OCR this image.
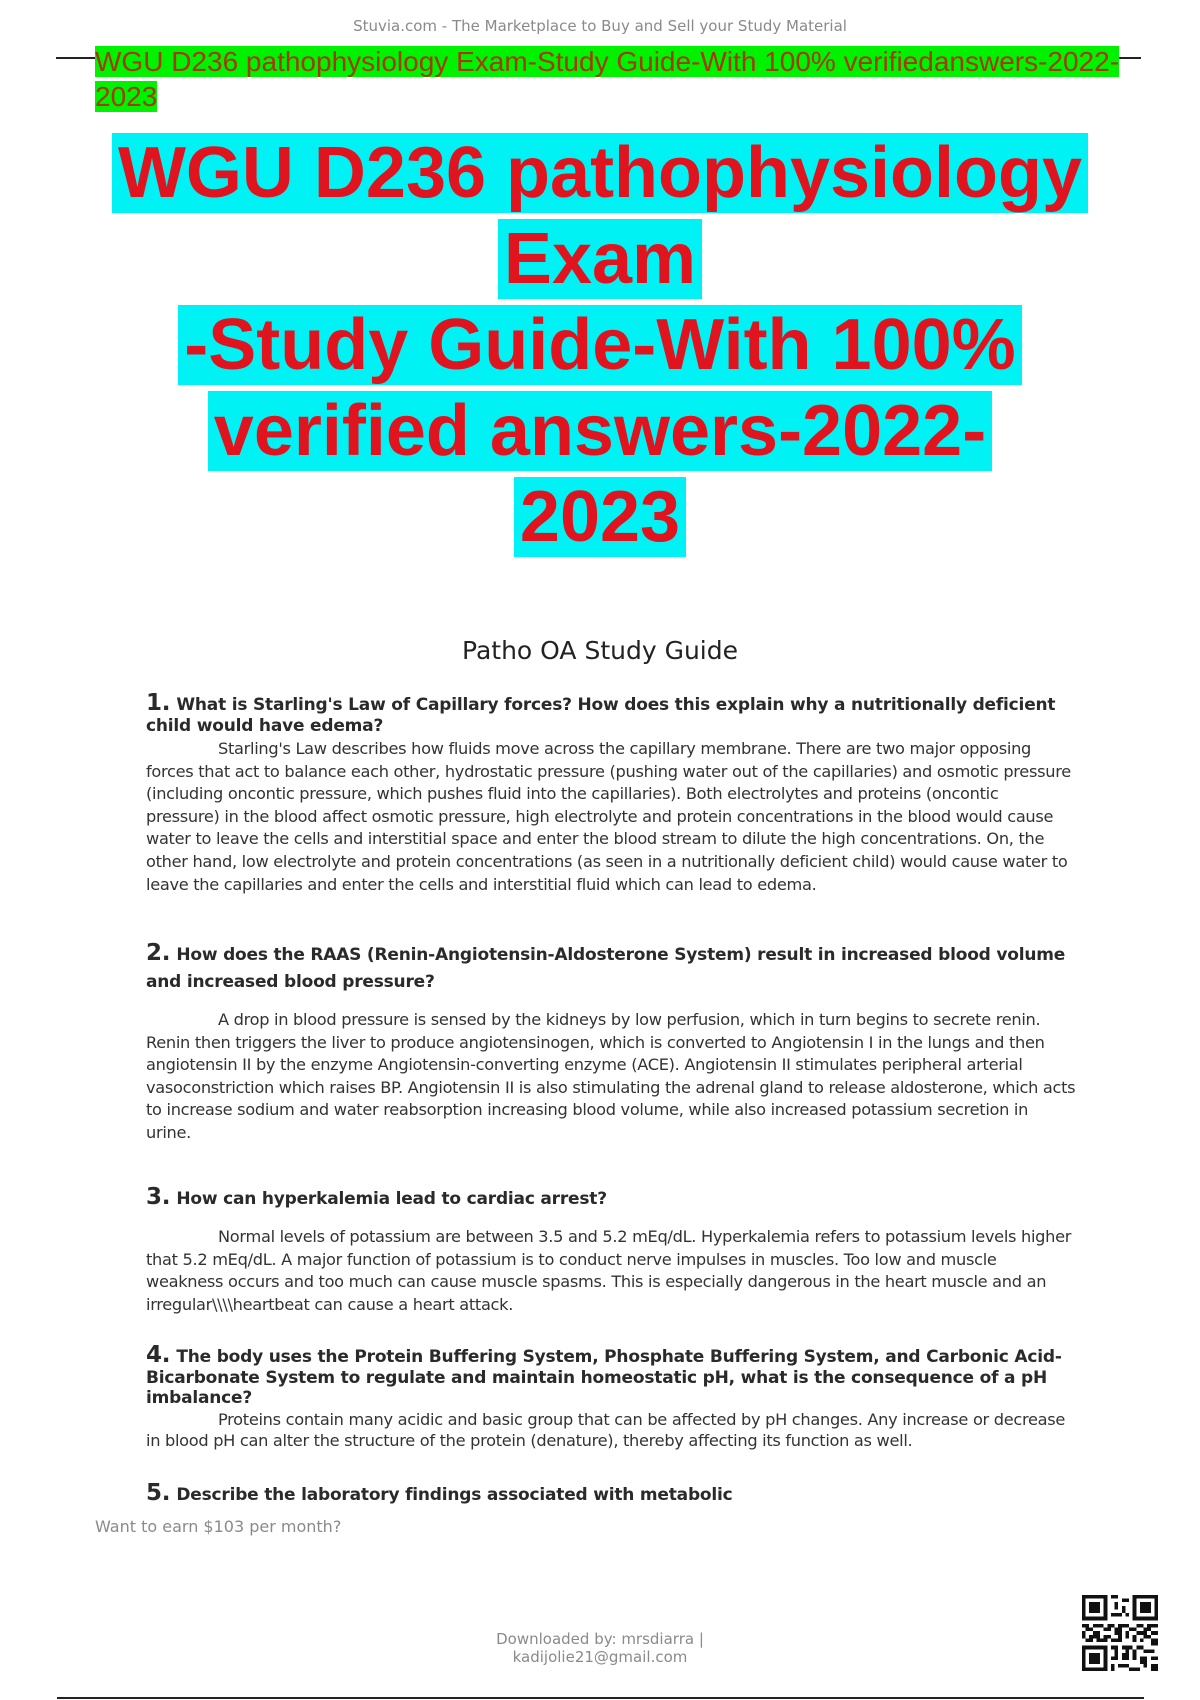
Stuvia.com - The Marketplace to Buy and Sell your Study Material
WGU D236 pathophysiology Exam-Study Guide-With 100% verifiedanswers-2022-2023
WGU D236 pathophysiology
Exam
-Study Guide-With 100%
verified answers-2022-
2023
Patho OA Study Guide
1. What is Starling's Law of Capillary forces? How does this explain why a nutritionally deficient child would have edema?
Starling's Law describes how fluids move across the capillary membrane. There are two major opposing forces that act to balance each other, hydrostatic pressure (pushing water out of the capillaries) and osmotic pressure (including oncontic pressure, which pushes fluid into the capillaries). Both electrolytes and proteins (oncontic pressure) in the blood affect osmotic pressure, high electrolyte and protein concentrations in the blood would cause water to leave the cells and interstitial space and enter the blood stream to dilute the high concentrations. On, the other hand, low electrolyte and protein concentrations (as seen in a nutritionally deficient child) would cause water to leave the capillaries and enter the cells and interstitial fluid which can lead to edema.
2. How does the RAAS (Renin-Angiotensin-Aldosterone System) result in increased blood volume and increased blood pressure?
A drop in blood pressure is sensed by the kidneys by low perfusion, which in turn begins to secrete renin. Renin then triggers the liver to produce angiotensinogen, which is converted to Angiotensin I in the lungs and then angiotensin II by the enzyme Angiotensin-converting enzyme (ACE). Angiotensin II stimulates peripheral arterial vasoconstriction which raises BP. Angiotensin II is also stimulating the adrenal gland to release aldosterone, which acts to increase sodium and water reabsorption increasing blood volume, while also increased potassium secretion in urine.
3. How can hyperkalemia lead to cardiac arrest?
Normal levels of potassium are between 3.5 and 5.2 mEq/dL. Hyperkalemia refers to potassium levels higher that 5.2 mEq/dL. A major function of potassium is to conduct nerve impulses in muscles. Too low and muscle weakness occurs and too much can cause muscle spasms. This is especially dangerous in the heart muscle and an irregular\\\\heartbeat can cause a heart attack.
4. The body uses the Protein Buffering System, Phosphate Buffering System, and Carbonic Acid-Bicarbonate System to regulate and maintain homeostatic pH, what is the consequence of a pH imbalance?
Proteins contain many acidic and basic group that can be affected by pH changes. Any increase or decrease in blood pH can alter the structure of the protein (denature), thereby affecting its function as well.
5. Describe the laboratory findings associated with metabolic
Want to earn $103 per month?
Downloaded by: mrsdiarra |
kadijolie21@gmail.com
